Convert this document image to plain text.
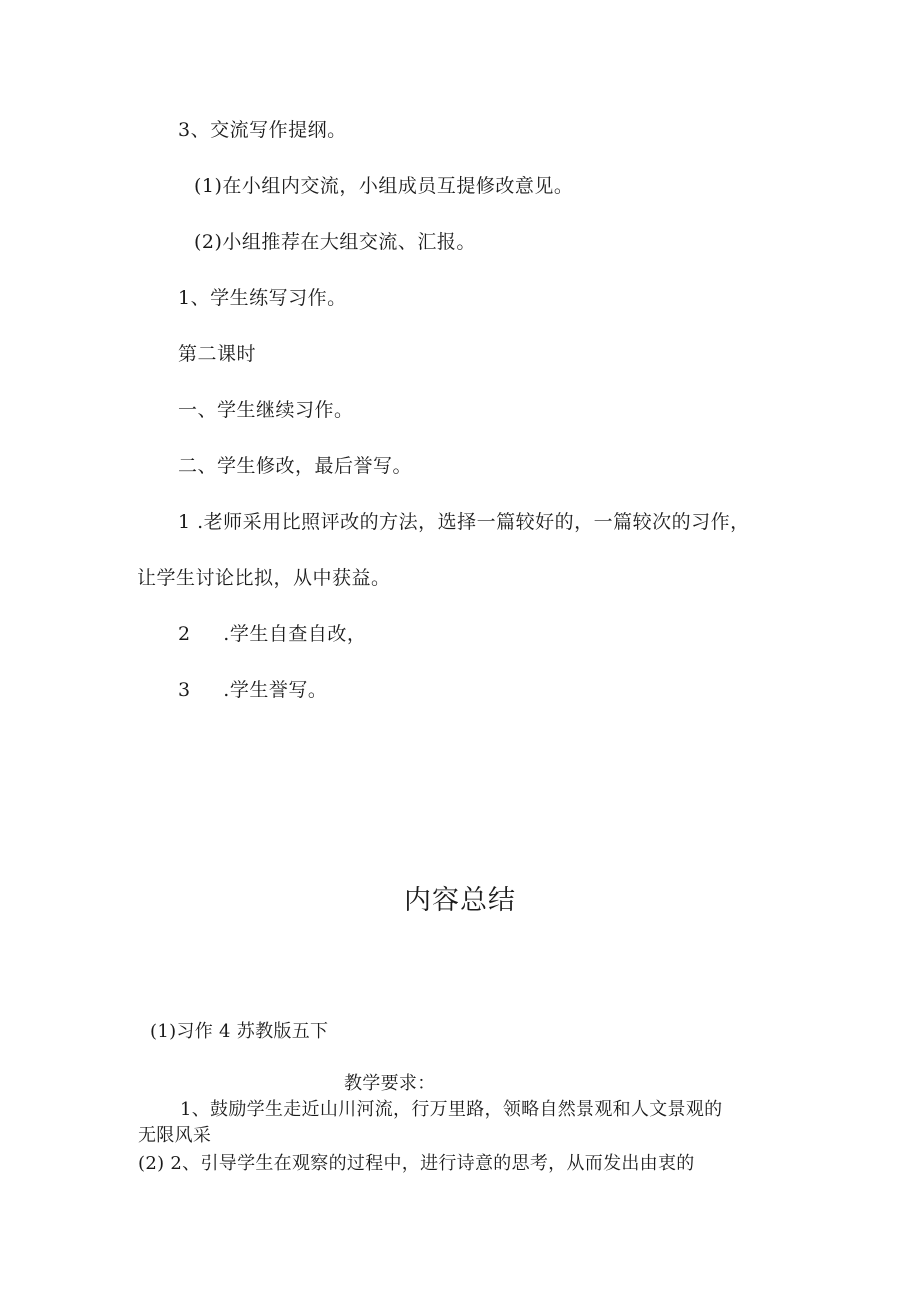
3、交流写作提纲。
(1)在小组内交流，小组成员互提修改意见。
(2)小组推荐在大组交流、汇报。
1、学生练写习作。
第二课时
一、学生继续习作。
二、学生修改，最后誉写。
1 .老师采用比照评改的方法，选择一篇较好的，一篇较次的习作，
让学生讨论比拟，从中获益。
2     .学生自查自改，
3     .学生誉写。
内容总结
(1)习作 4 苏教版五下
教学要求：
1、鼓励学生走近山川河流，行万里路，领略自然景观和人文景观的
无限风采
(2) 2、引导学生在观察的过程中，进行诗意的思考，从而发出由衷的
